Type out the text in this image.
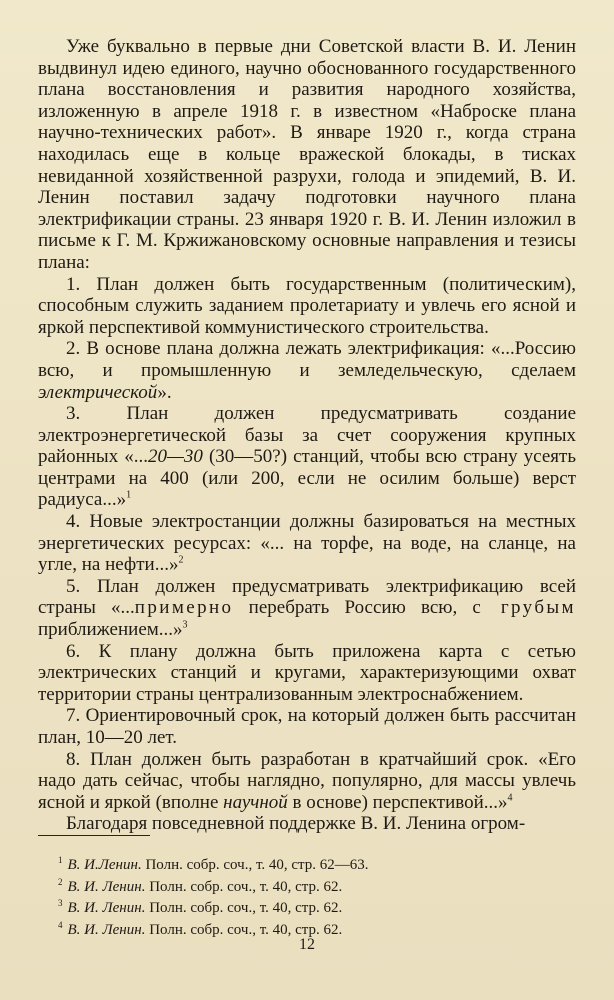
Уже буквально в первые дни Советской власти В. И. Ленин выдвинул идею единого, научно обоснованного государственного плана восстановления и развития народного хозяйства, изложенную в апреле 1918 г. в известном «Наброске плана научно-технических работ». В январе 1920 г., когда страна находилась еще в кольце вражеской блокады, в тисках невиданной хозяйственной разрухи, голода и эпидемий, В. И. Ленин поставил задачу подготовки научного плана электрификации страны. 23 января 1920 г. В. И. Ленин изложил в письме к Г. М. Кржижановскому основные направления и тезисы плана:

1. План должен быть государственным (политическим), способным служить заданием пролетариату и увлечь его ясной и яркой перспективой коммунистического строительства.

2. В основе плана должна лежать электрификация: «...Россию всю, и промышленную и земледельческую, сделаем электрической».

3. План должен предусматривать создание электроэнергетической базы за счет сооружения крупных районных «...20—30 (30—50?) станций, чтобы всю страну усеять центрами на 400 (или 200, если не осилим больше) верст радиуса...»$^1$

4. Новые электростанции должны базироваться на местных энергетических ресурсах: «... на торфе, на воде, на сланце, на угле, на нефти...»$^2$

5. План должен предусматривать электрификацию всей страны «...примерно перебрать Россию всю, с грубым приближением...»$^3$

6. К плану должна быть приложена карта с сетью электрических станций и кругами, характеризующими охват территории страны централизованным электроснабжением.

7. Ориентировочный срок, на который должен быть рассчитан план, 10—20 лет.

8. План должен быть разработан в кратчайший срок. «Его надо дать сейчас, чтобы наглядно, популярно, для массы увлечь ясной и яркой (вполне научной в основе) перспективой...»$^4$

Благодаря повседневной поддержке В. И. Ленина огром-

$^1$ В. И.Ленин. Полн. собр. соч., т. 40, стр. 62—63.
$^2$ В. И. Ленин. Полн. собр. соч., т. 40, стр. 62.
$^3$ В. И. Ленин. Полн. собр. соч., т. 40, стр. 62.
$^4$ В. И. Ленин. Полн. собр. соч., т. 40, стр. 62.
12
